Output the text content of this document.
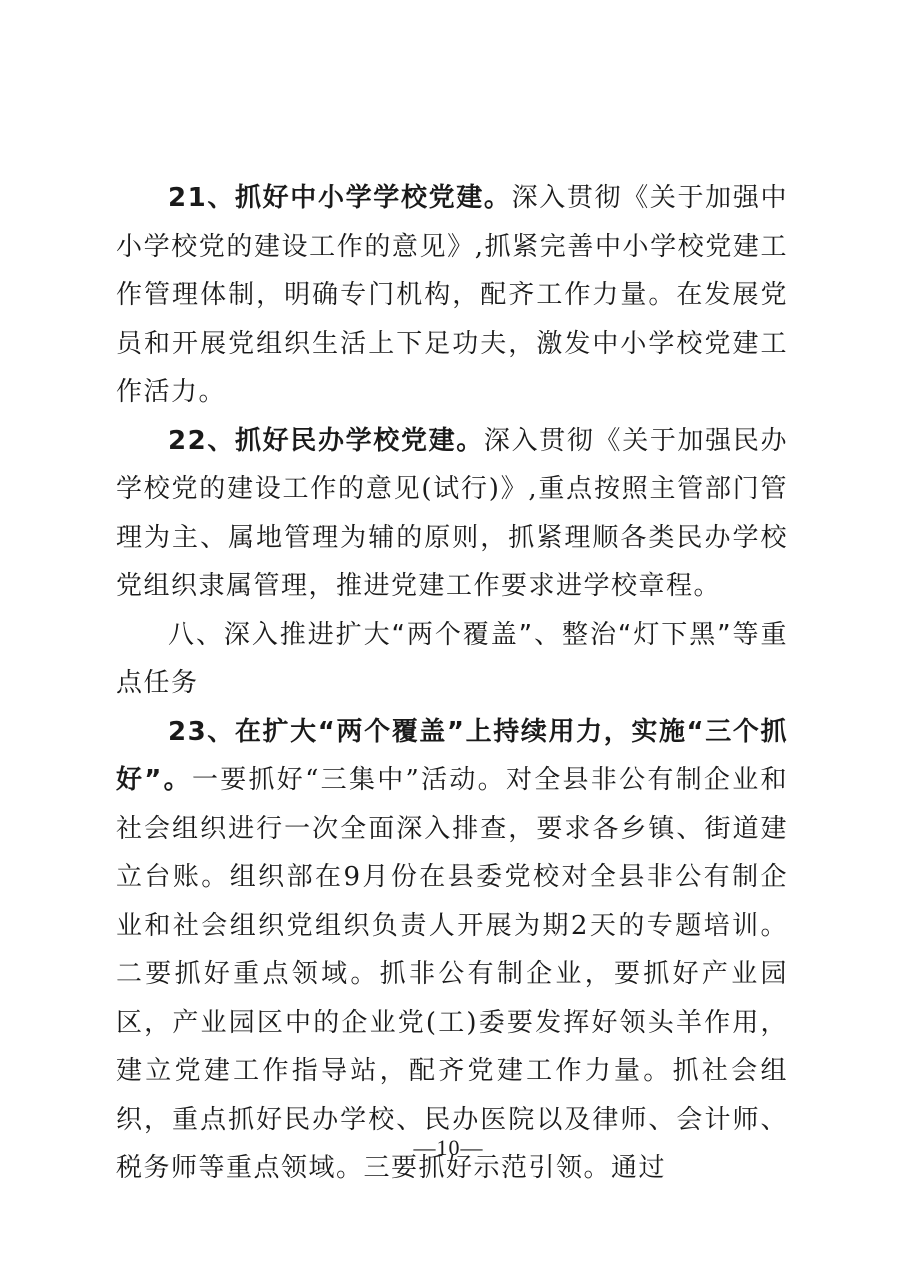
21、抓好中小学学校党建。深入贯彻《关于加强中小学校党的建设工作的意见》,抓紧完善中小学校党建工作管理体制，明确专门机构，配齐工作力量。在发展党员和开展党组织生活上下足功夫，激发中小学校党建工作活力。

22、抓好民办学校党建。深入贯彻《关于加强民办学校党的建设工作的意见(试行)》,重点按照主管部门管理为主、属地管理为辅的原则，抓紧理顺各类民办学校党组织隶属管理，推进党建工作要求进学校章程。

八、深入推进扩大“两个覆盖”、整治“灯下黑”等重点任务

23、在扩大“两个覆盖”上持续用力，实施“三个抓好”。一要抓好“三集中”活动。对全县非公有制企业和社会组织进行一次全面深入排查，要求各乡镇、街道建立台账。组织部在9月份在县委党校对全县非公有制企业和社会组织党组织负责人开展为期2天的专题培训。二要抓好重点领域。抓非公有制企业，要抓好产业园区，产业园区中的企业党(工)委要发挥好领头羊作用，建立党建工作指导站，配齐党建工作力量。抓社会组织，重点抓好民办学校、民办医院以及律师、会计师、税务师等重点领域。三要抓好示范引领。通过

—10—
